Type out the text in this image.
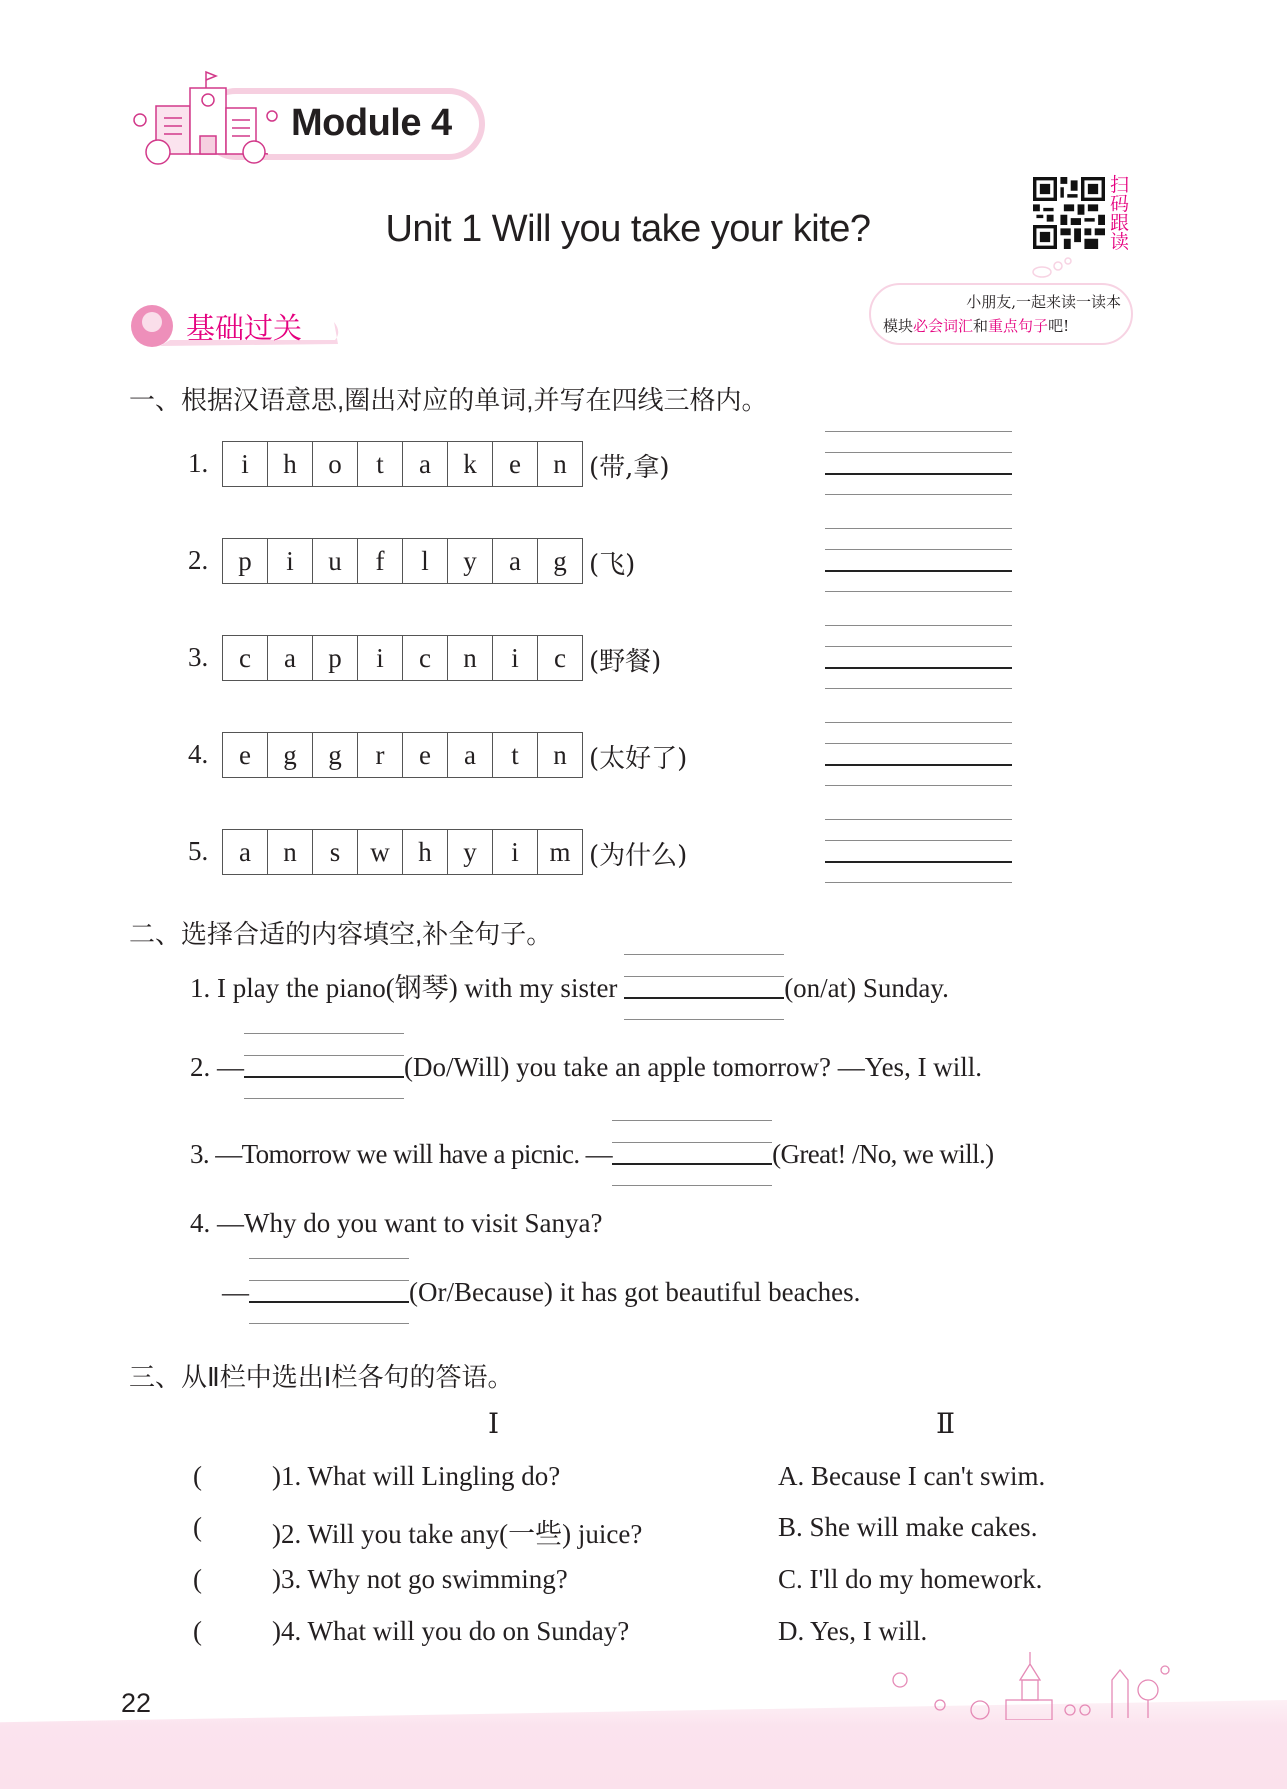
Module 4
Unit 1 Will you take your kite?
扫码跟读
小朋友,一起来读一读本
模块必会词汇和重点句子吧!
基础过关
一、根据汉语意思,圈出对应的单词,并写在四线三格内。
1.	i	h	o	t	a	k	e	n (带,拿)
2.	p	i	u	f	l	y	a	g (飞)
3.	c	a	p	i	c	n	i	c (野餐)
4.	e	g	g	r	e	a	t	n (太好了)
5.	a	n	s	w	h	y	i	m (为什么)
二、选择合适的内容填空,补全句子。
1. I play the piano(钢琴) with my sister	(on/at) Sunday.
2. —	(Do/Will) you take an apple tomorrow? —Yes, I will.
3. —Tomorrow we will have a picnic. —	(Great! /No, we will.)
4. —Why do you want to visit Sanya?
—	(Or/Because) it has got beautiful beaches.
三、从Ⅱ栏中选出Ⅰ栏各句的答语。
Ⅰ	Ⅱ
(	)1. What will Lingling do?	A. Because I can't swim.
(	)2. Will you take any(一些) juice?	B. She will make cakes.
(	)3. Why not go swimming?	C. I'll do my homework.
(	)4. What will you do on Sunday?	D. Yes, I will.
22
